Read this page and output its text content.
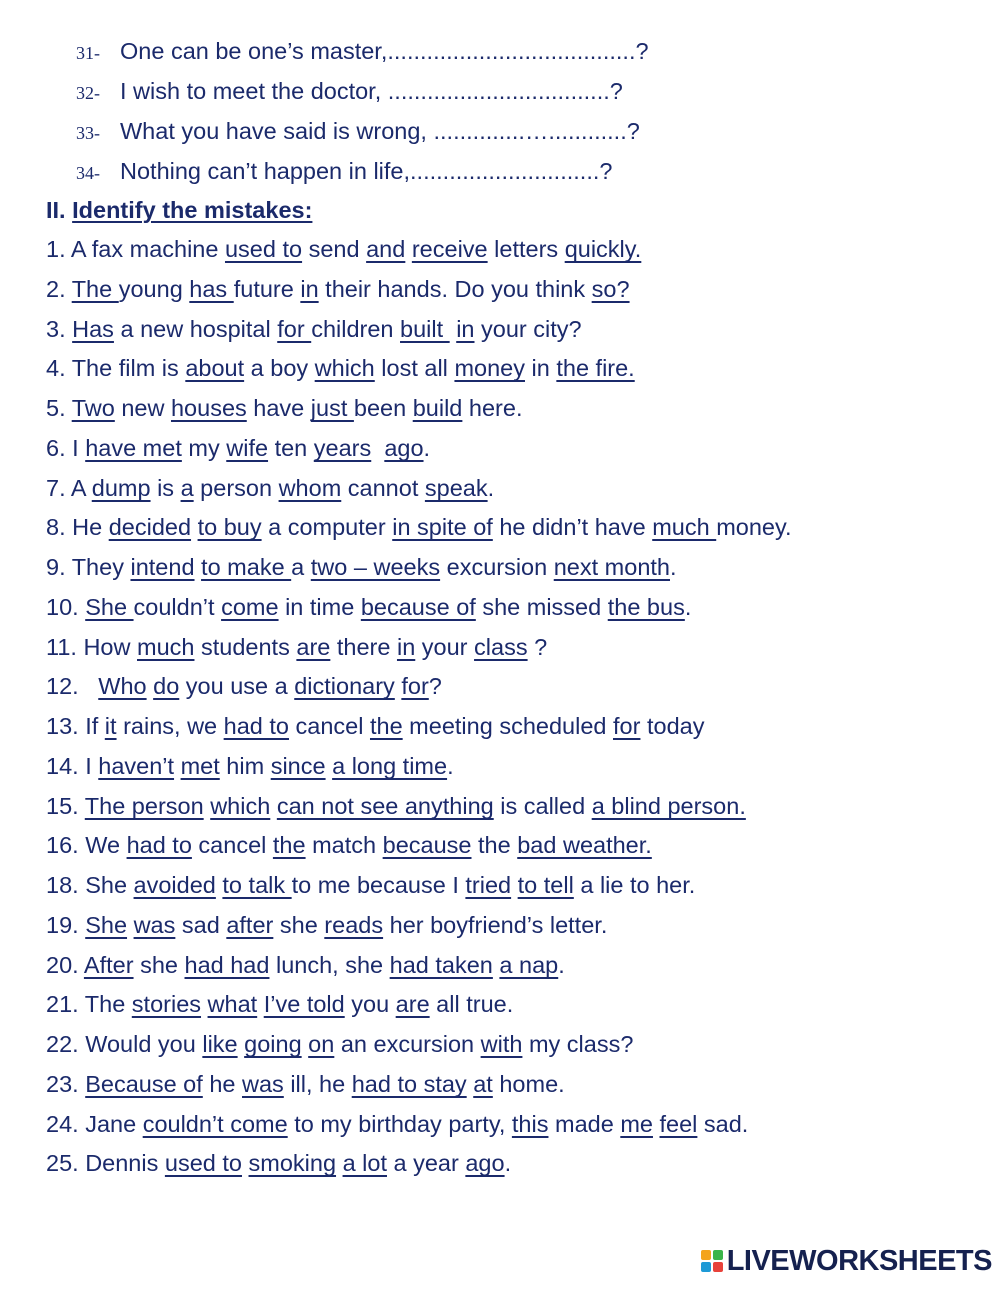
31- One can be one’s master,......................................?
32- I wish to meet the doctor, ..................................?
33- What you have said is wrong, ..............…............?
34- Nothing can’t happen in life,.............................?
II. Identify the mistakes:
1. A fax machine used to send and receive letters quickly.
2. The young has future in their hands. Do you think so?
3. Has a new hospital for children built  in your city?
4. The film is about a boy which lost all money in the fire.
5. Two new houses have just been build here.
6. I have met my wife ten years ago.
7. A dump is a person whom cannot speak.
8. He decided to buy a computer in spite of he didn’t have much money.
9. They intend to make a two – weeks excursion next month.
10. She couldn’t come in time because of she missed the bus.
11. How much students are there in your class ?
12.   Who do you use a dictionary for?
13. If it rains, we had to cancel the meeting scheduled for today
14. I haven’t met him since a long time.
15. The person which can not see anything is called a blind person.
16. We had to cancel the match because the bad weather.
18. She avoided to talk to me because I tried to tell a lie to her.
19. She was sad after she reads her boyfriend’s letter.
20. After she had had lunch, she had taken a nap.
21. The stories what I’ve told you are all true.
22. Would you like going on an excursion with my class?
23. Because of he was ill, he had to stay at home.
24. Jane couldn’t come to my birthday party, this made me feel sad.
25. Dennis used to smoking a lot a year ago.
LIVEWORKSHEETS
